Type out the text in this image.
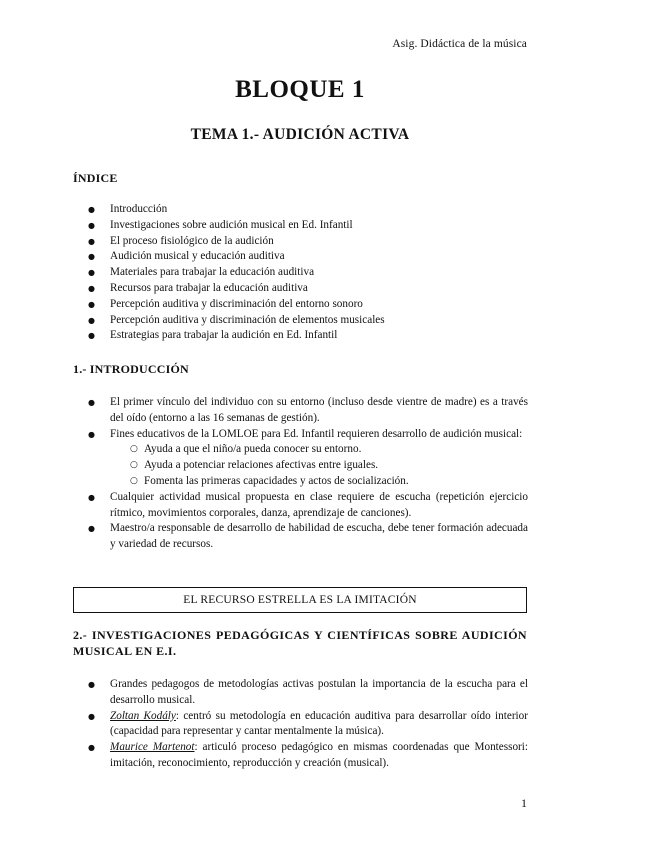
Asig. Didáctica de la música
BLOQUE 1
TEMA 1.- AUDICIÓN ACTIVA
ÍNDICE
● Introducción
● Investigaciones sobre audición musical en Ed. Infantil
● El proceso fisiológico de la audición
● Audición musical y educación auditiva
● Materiales para trabajar la educación auditiva
● Recursos para trabajar la educación auditiva
● Percepción auditiva y discriminación del entorno sonoro
● Percepción auditiva y discriminación de elementos musicales
● Estrategias para trabajar la audición en Ed. Infantil
1.- INTRODUCCIÓN
● El primer vínculo del individuo con su entorno (incluso desde vientre de madre) es a través del oído (entorno a las 16 semanas de gestión).
● Fines educativos de la LOMLOE para Ed. Infantil requieren desarrollo de audición musical:
○ Ayuda a que el niño/a pueda conocer su entorno.
○ Ayuda a potenciar relaciones afectivas entre iguales.
○ Fomenta las primeras capacidades y actos de socialización.
● Cualquier actividad musical propuesta en clase requiere de escucha (repetición ejercicio rítmico, movimientos corporales, danza, aprendizaje de canciones).
● Maestro/a responsable de desarrollo de habilidad de escucha, debe tener formación adecuada y variedad de recursos.
EL RECURSO ESTRELLA ES LA IMITACIÓN
2.- INVESTIGACIONES PEDAGÓGICAS Y CIENTÍFICAS SOBRE AUDICIÓN MUSICAL EN E.I.
● Grandes pedagogos de metodologías activas postulan la importancia de la escucha para el desarrollo musical.
● Zoltan Kodály: centró su metodología en educación auditiva para desarrollar oído interior (capacidad para representar y cantar mentalmente la música).
● Maurice Martenot: articuló proceso pedagógico en mismas coordenadas que Montessori: imitación, reconocimiento, reproducción y creación (musical).
1
